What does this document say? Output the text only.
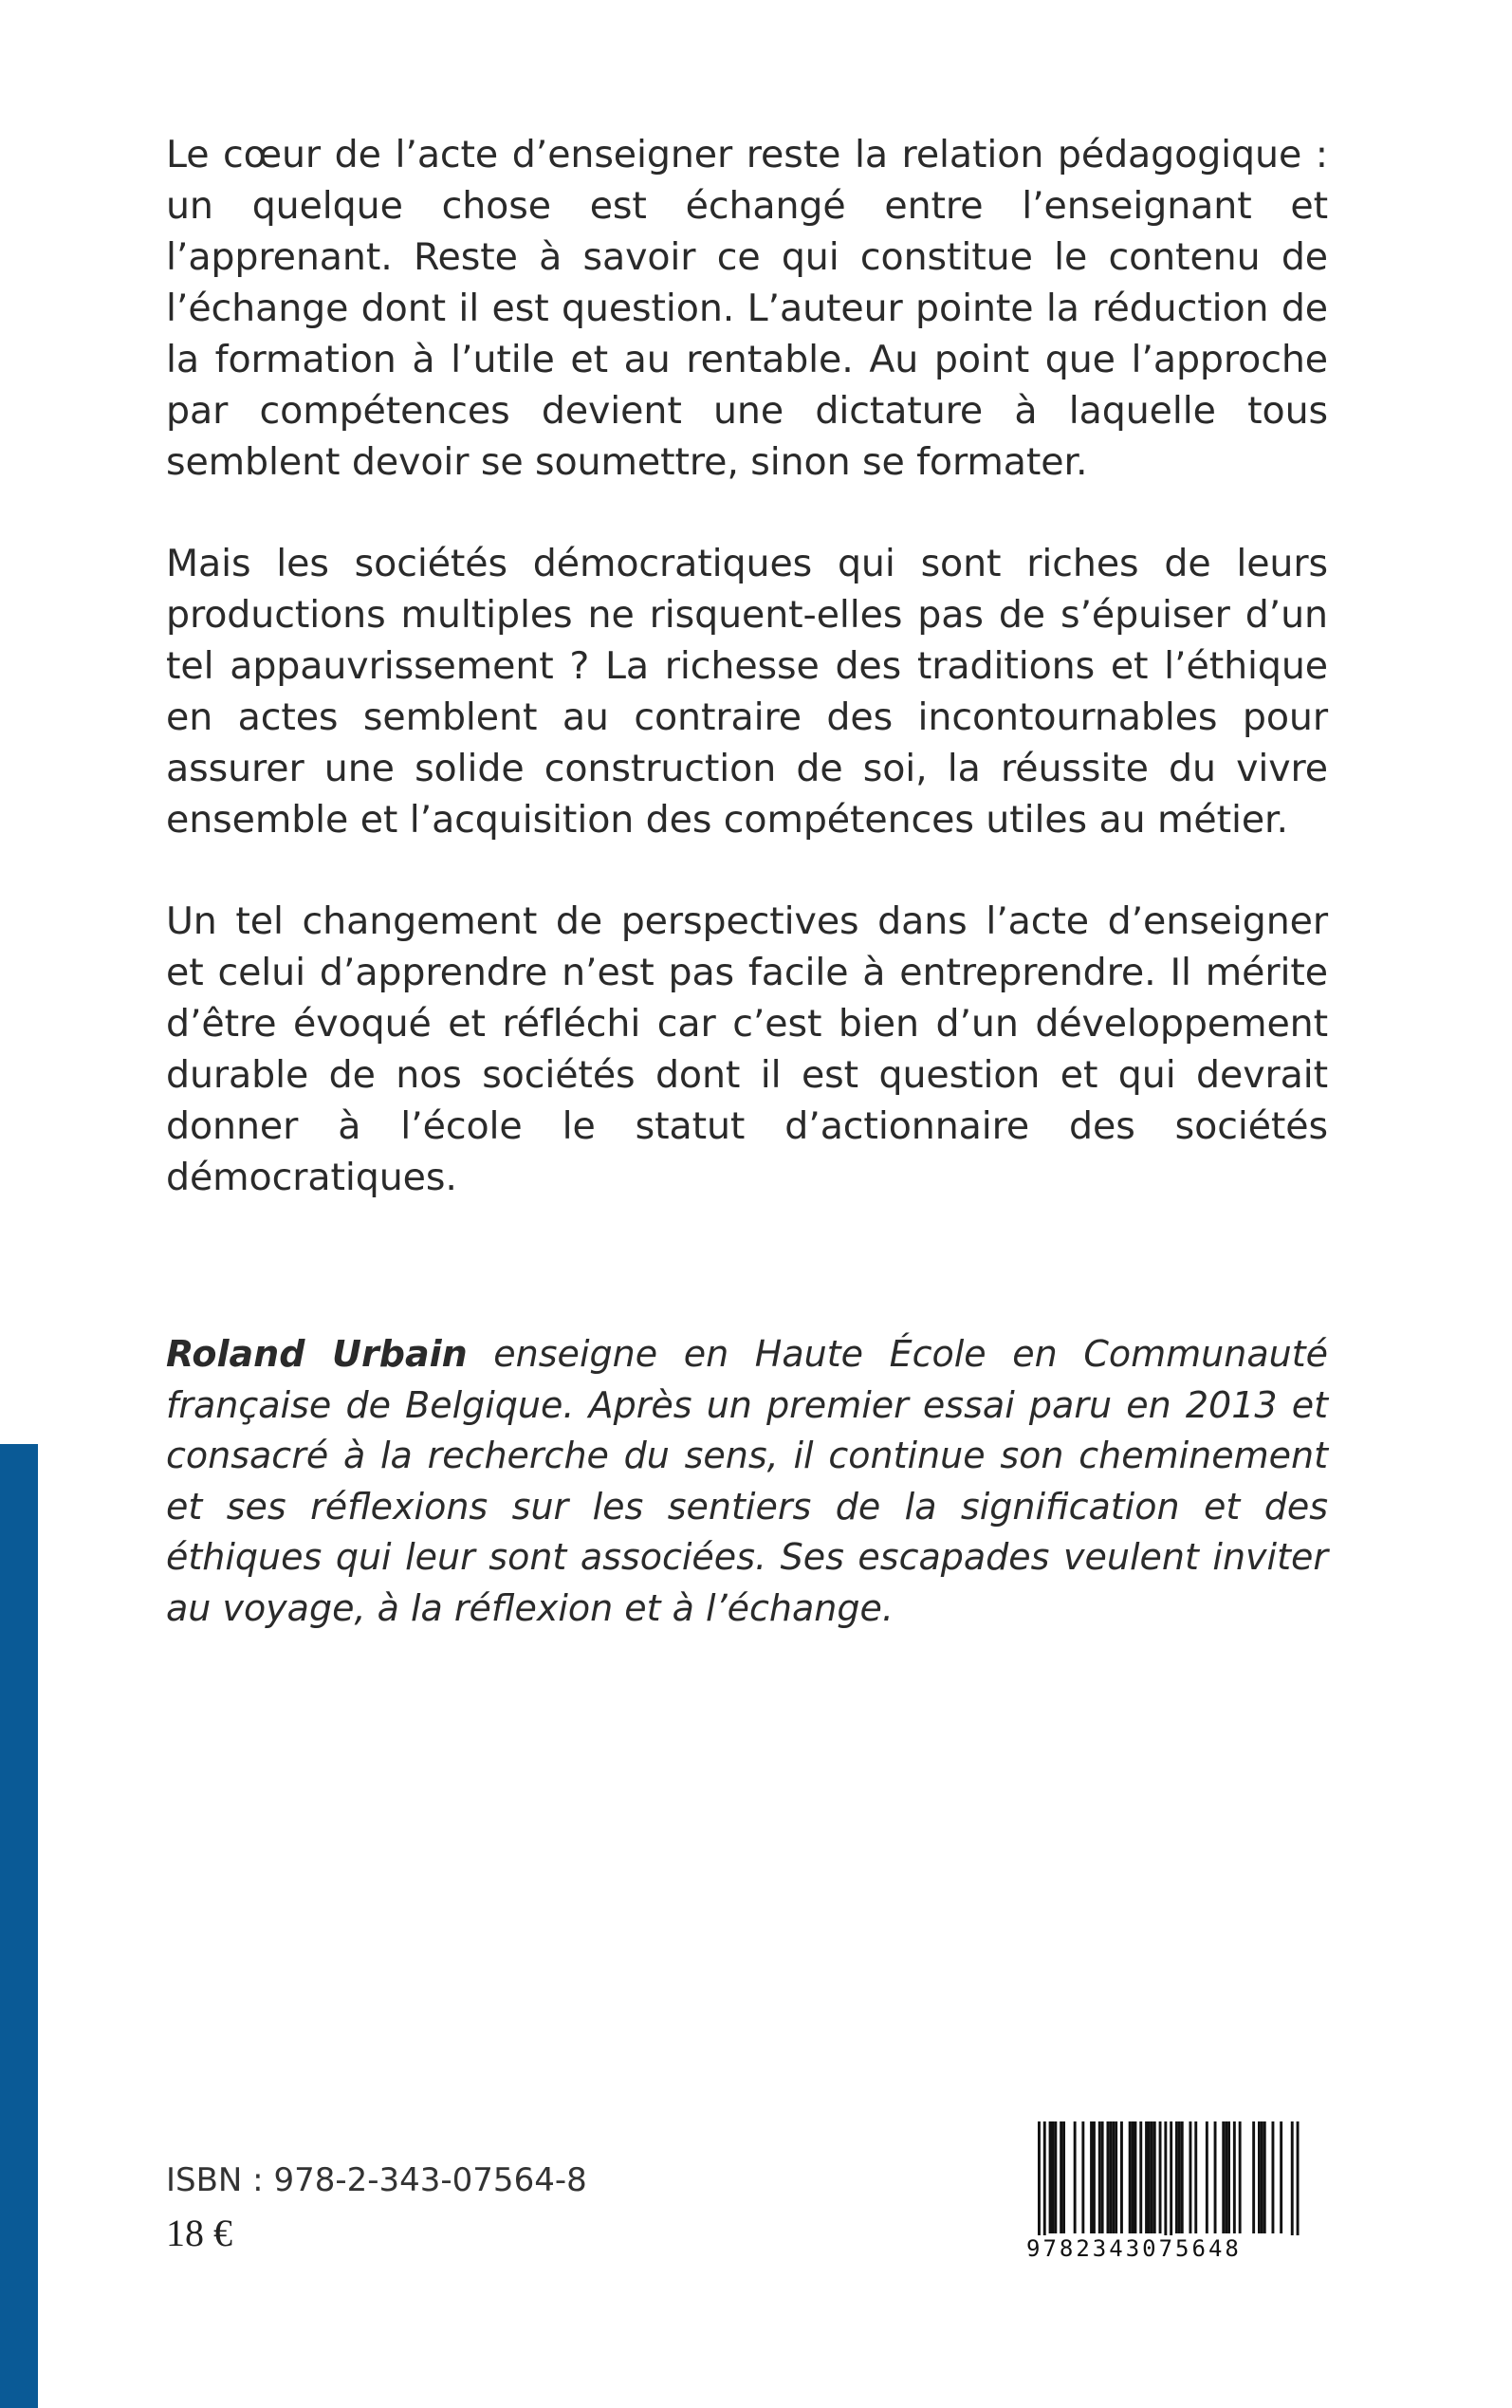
Le cœur de l’acte d’enseigner reste la relation pédagogique : un quelque chose est échangé entre l’enseignant et l’apprenant. Reste à savoir ce qui constitue le contenu de l’échange dont il est question. L’auteur pointe la réduction de la formation à l’utile et au rentable. Au point que l’approche par compétences devient une dictature à laquelle tous semblent devoir se soumettre, sinon se formater.

Mais les sociétés démocratiques qui sont riches de leurs productions multiples ne risquent-elles pas de s’épuiser d’un tel appauvrissement ? La richesse des traditions et l’éthique en actes semblent au contraire des incontournables pour assurer une solide construction de soi, la réussite du vivre ensemble et l’acquisition des compétences utiles au métier.

Un tel changement de perspectives dans l’acte d’enseigner et celui d’apprendre n’est pas facile à entreprendre. Il mérite d’être évoqué et réfléchi car c’est bien d’un développement durable de nos sociétés dont il est question et qui devrait donner à l’école le statut d’actionnaire des sociétés démocratiques.

Roland Urbain enseigne en Haute École en Communauté française de Belgique. Après un premier essai paru en 2013 et consacré à la recherche du sens, il continue son cheminement et ses réflexions sur les sentiers de la signification et des éthiques qui leur sont associées. Ses escapades veulent inviter au voyage, à la réflexion et à l’échange.

ISBN : 978-2-343-07564-8
18 €	9782343075648
